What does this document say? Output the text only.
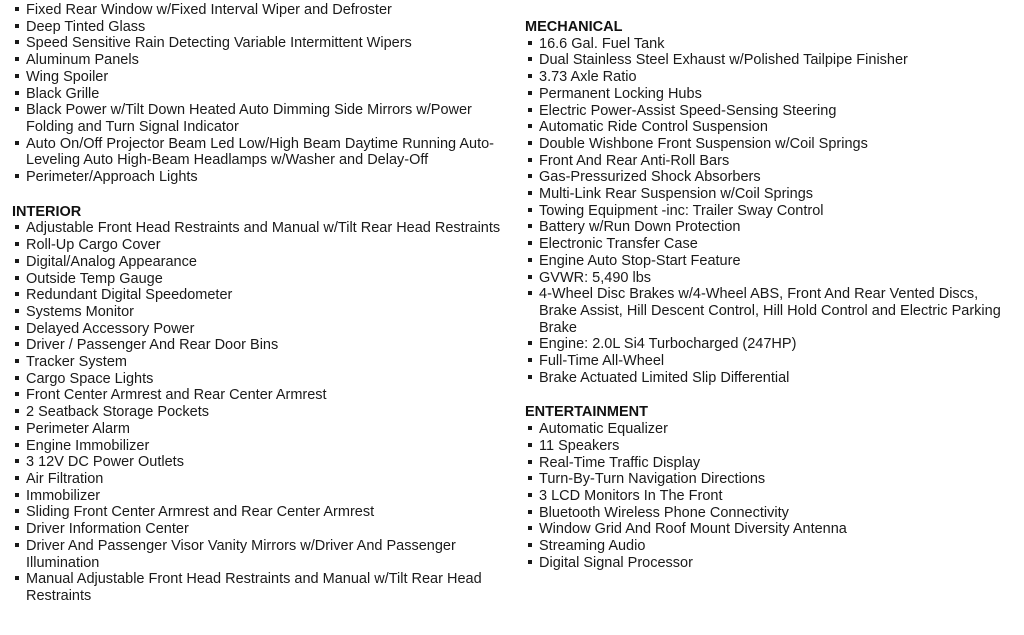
Fixed Rear Window w/Fixed Interval Wiper and Defroster
Deep Tinted Glass
Speed Sensitive Rain Detecting Variable Intermittent Wipers
Aluminum Panels
Wing Spoiler
Black Grille
Black Power w/Tilt Down Heated Auto Dimming Side Mirrors w/Power Folding and Turn Signal Indicator
Auto On/Off Projector Beam Led Low/High Beam Daytime Running Auto-Leveling Auto High-Beam Headlamps w/Washer and Delay-Off
Perimeter/Approach Lights
INTERIOR
Adjustable Front Head Restraints and Manual w/Tilt Rear Head Restraints
Roll-Up Cargo Cover
Digital/Analog Appearance
Outside Temp Gauge
Redundant Digital Speedometer
Systems Monitor
Delayed Accessory Power
Driver / Passenger And Rear Door Bins
Tracker System
Cargo Space Lights
Front Center Armrest and Rear Center Armrest
2 Seatback Storage Pockets
Perimeter Alarm
Engine Immobilizer
3 12V DC Power Outlets
Air Filtration
Immobilizer
Sliding Front Center Armrest and Rear Center Armrest
Driver Information Center
Driver And Passenger Visor Vanity Mirrors w/Driver And Passenger Illumination
Manual Adjustable Front Head Restraints and Manual w/Tilt Rear Head Restraints
MECHANICAL
16.6 Gal. Fuel Tank
Dual Stainless Steel Exhaust w/Polished Tailpipe Finisher
3.73 Axle Ratio
Permanent Locking Hubs
Electric Power-Assist Speed-Sensing Steering
Automatic Ride Control Suspension
Double Wishbone Front Suspension w/Coil Springs
Front And Rear Anti-Roll Bars
Gas-Pressurized Shock Absorbers
Multi-Link Rear Suspension w/Coil Springs
Towing Equipment -inc: Trailer Sway Control
Battery w/Run Down Protection
Electronic Transfer Case
Engine Auto Stop-Start Feature
GVWR: 5,490 lbs
4-Wheel Disc Brakes w/4-Wheel ABS, Front And Rear Vented Discs, Brake Assist, Hill Descent Control, Hill Hold Control and Electric Parking Brake
Engine: 2.0L Si4 Turbocharged (247HP)
Full-Time All-Wheel
Brake Actuated Limited Slip Differential
ENTERTAINMENT
Automatic Equalizer
11 Speakers
Real-Time Traffic Display
Turn-By-Turn Navigation Directions
3 LCD Monitors In The Front
Bluetooth Wireless Phone Connectivity
Window Grid And Roof Mount Diversity Antenna
Streaming Audio
Digital Signal Processor
